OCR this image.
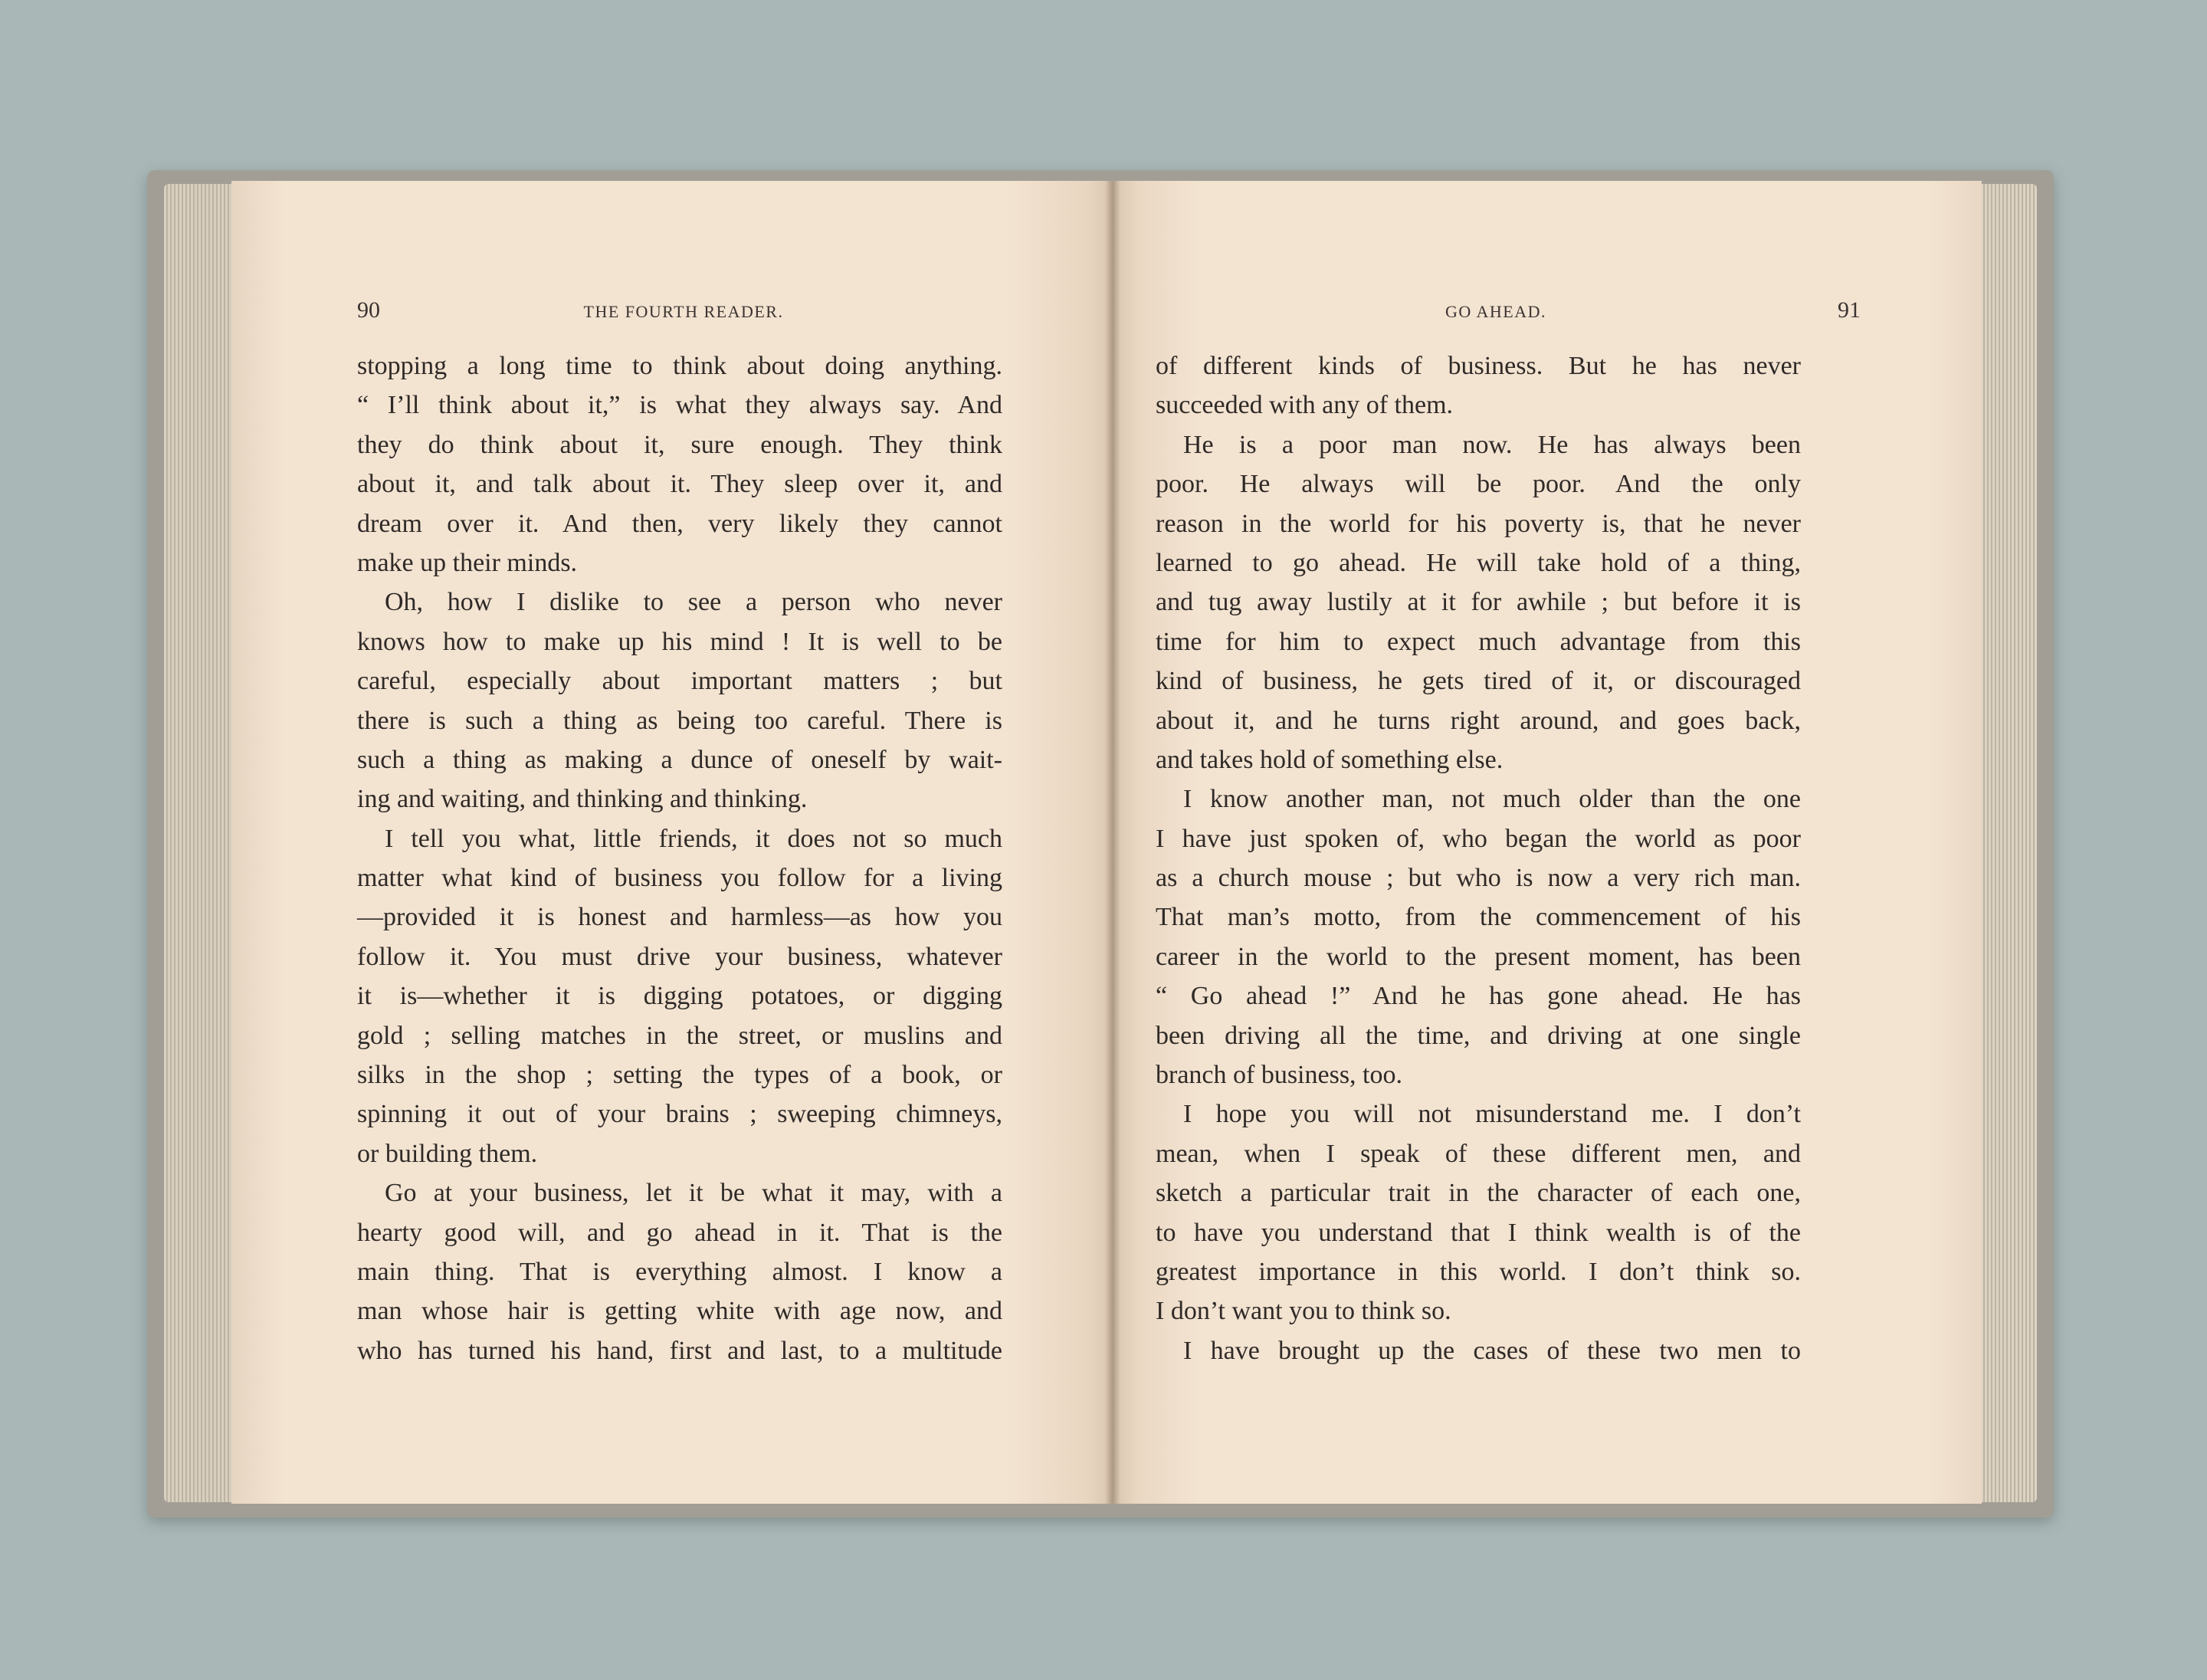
90	THE FOURTH READER.
stopping a long time to think about doing anything.
“ I’ll think about it,” is what they always say. And
they do think about it, sure enough. They think
about it, and talk about it. They sleep over it, and
dream over it. And then, very likely they cannot
make up their minds.
Oh, how I dislike to see a person who never
knows how to make up his mind ! It is well to be
careful, especially about important matters ; but
there is such a thing as being too careful. There is
such a thing as making a dunce of oneself by wait-
ing and waiting, and thinking and thinking.
I tell you what, little friends, it does not so much
matter what kind of business you follow for a living
—provided it is honest and harmless—as how you
follow it. You must drive your business, whatever
it is—whether it is digging potatoes, or digging
gold ; selling matches in the street, or muslins and
silks in the shop ; setting the types of a book, or
spinning it out of your brains ; sweeping chimneys,
or building them.
Go at your business, let it be what it may, with a
hearty good will, and go ahead in it. That is the
main thing. That is everything almost. I know a
man whose hair is getting white with age now, and
who has turned his hand, first and last, to a multitude
GO AHEAD.	91
of different kinds of business. But he has never
succeeded with any of them.
He is a poor man now. He has always been
poor. He always will be poor. And the only
reason in the world for his poverty is, that he never
learned to go ahead. He will take hold of a thing,
and tug away lustily at it for awhile ; but before it is
time for him to expect much advantage from this
kind of business, he gets tired of it, or discouraged
about it, and he turns right around, and goes back,
and takes hold of something else.
I know another man, not much older than the one
I have just spoken of, who began the world as poor
as a church mouse ; but who is now a very rich man.
That man’s motto, from the commencement of his
career in the world to the present moment, has been
“ Go ahead !” And he has gone ahead. He has
been driving all the time, and driving at one single
branch of business, too.
I hope you will not misunderstand me. I don’t
mean, when I speak of these different men, and
sketch a particular trait in the character of each one,
to have you understand that I think wealth is of the
greatest importance in this world. I don’t think so.
I don’t want you to think so.
I have brought up the cases of these two men to
